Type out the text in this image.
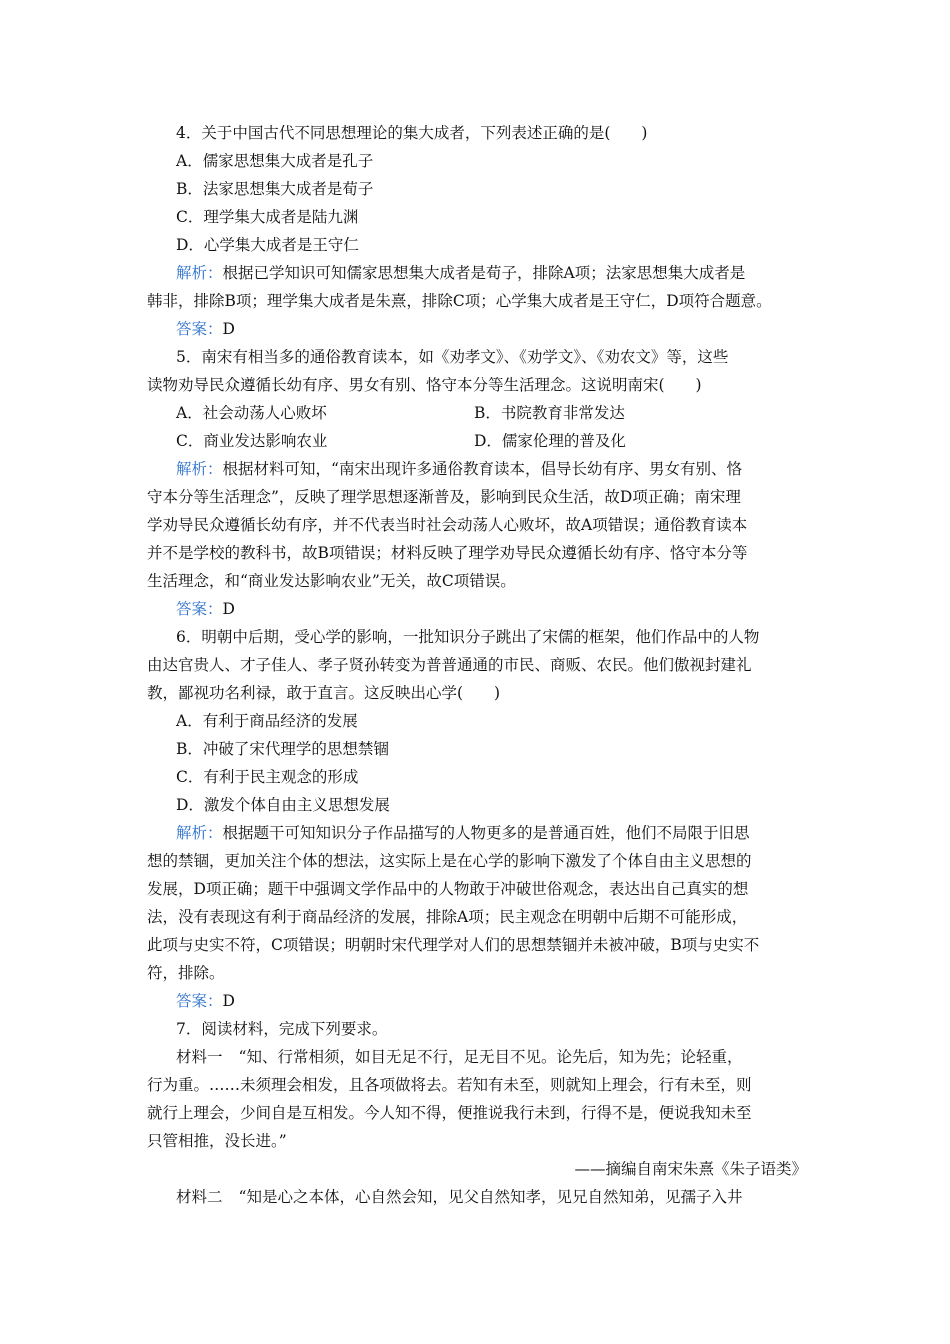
4．关于中国古代不同思想理论的集大成者，下列表述正确的是(　　)
A．儒家思想集大成者是孔子
B．法家思想集大成者是荀子
C．理学集大成者是陆九渊
D．心学集大成者是王守仁
解析：根据已学知识可知儒家思想集大成者是荀子，排除A项；法家思想集大成者是
韩非，排除B项；理学集大成者是朱熹，排除C项；心学集大成者是王守仁，D项符合题意。
答案：D
5．南宋有相当多的通俗教育读本，如《劝孝文》、《劝学文》、《劝农文》等，这些
读物劝导民众遵循长幼有序、男女有别、恪守本分等生活理念。这说明南宋(　　)
A．社会动荡人心败坏	B．书院教育非常发达
C．商业发达影响农业	D．儒家伦理的普及化
解析：根据材料可知，“南宋出现许多通俗教育读本，倡导长幼有序、男女有别、恪
守本分等生活理念”，反映了理学思想逐渐普及，影响到民众生活，故D项正确；南宋理
学劝导民众遵循长幼有序，并不代表当时社会动荡人心败坏，故A项错误；通俗教育读本
并不是学校的教科书，故B项错误；材料反映了理学劝导民众遵循长幼有序、恪守本分等
生活理念，和“商业发达影响农业”无关，故C项错误。
答案：D
6．明朝中后期，受心学的影响，一批知识分子跳出了宋儒的框架，他们作品中的人物
由达官贵人、才子佳人、孝子贤孙转变为普普通通的市民、商贩、农民。他们傲视封建礼
教，鄙视功名利禄，敢于直言。这反映出心学(　　)
A．有利于商品经济的发展
B．冲破了宋代理学的思想禁锢
C．有利于民主观念的形成
D．激发个体自由主义思想发展
解析：根据题干可知知识分子作品描写的人物更多的是普通百姓，他们不局限于旧思
想的禁锢，更加关注个体的想法，这实际上是在心学的影响下激发了个体自由主义思想的
发展，D项正确；题干中强调文学作品中的人物敢于冲破世俗观念，表达出自己真实的想
法，没有表现这有利于商品经济的发展，排除A项；民主观念在明朝中后期不可能形成，
此项与史实不符，C项错误；明朝时宋代理学对人们的思想禁锢并未被冲破，B项与史实不
符，排除。
答案：D
7．阅读材料，完成下列要求。
材料一 “知、行常相须，如目无足不行，足无目不见。论先后，知为先；论轻重，
行为重。……未须理会相发，且各项做将去。若知有未至，则就知上理会，行有未至，则
就行上理会，少间自是互相发。今人知不得，便推说我行未到，行得不是，便说我知未至
只管相推，没长进。”
——摘编自南宋朱熹《朱子语类》
材料二 “知是心之本体，心自然会知，见父自然知孝，见兄自然知弟，见孺子入井
